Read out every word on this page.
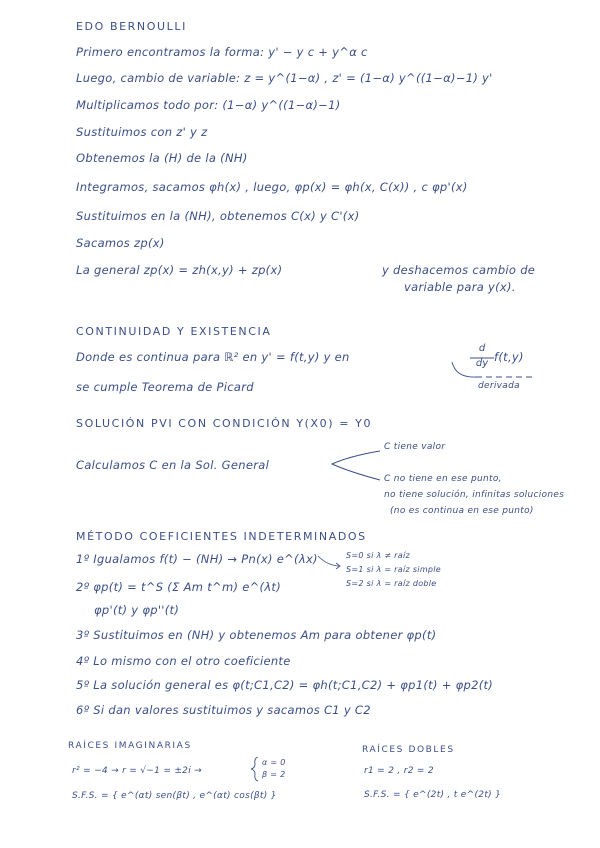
EDO BERNOULLI
Primero encontramos la forma: y' − y c + y^α c
Luego, cambio de variable: z = y^(1−α) , z' = (1−α) y^((1−α)−1) y'
Multiplicamos todo por: (1−α) y^((1−α)−1)
Sustituimos con z' y z
Obtenemos la (H) de la (NH)
Integramos, sacamos φh(x) , luego, φp(x) = φh(x, C(x)) , c φp'(x)
Sustituimos en la (NH), obtenemos C(x) y C'(x)
Sacamos zp(x)
La general zp(x) = zh(x,y) + zp(x)	y deshacemos cambio de
variable para y(x).
CONTINUIDAD Y EXISTENCIA
Donde es continua para ℝ² en y' = f(t,y) y en
d
dy f(t,y)
derivada
se cumple Teorema de Picard
SOLUCIÓN PVI CON CONDICIÓN Y(X0) = Y0
Calculamos C en la Sol. General
C tiene valor
C no tiene en ese punto,
no tiene solución, infinitas soluciones
(no es continua en ese punto)
MÉTODO COEFICIENTES INDETERMINADOS
1º Igualamos f(t) − (NH) → Pn(x) e^(λx)	S=0 si λ ≠ raíz
S=1 si λ = raíz simple
S=2 si λ = raíz doble
2º φp(t) = t^S (Σ Am t^m) e^(λt)
φp'(t) y φp''(t)
3º Sustituimos en (NH) y obtenemos Am para obtener φp(t)
4º Lo mismo con el otro coeficiente
5º La solución general es φ(t;C1,C2) = φh(t;C1,C2) + φp1(t) + φp2(t)
6º Si dan valores sustituimos y sacamos C1 y C2
RAÍCES IMAGINARIAS
r² = −4 → r = √−1 = ±2i →
α = 0
β = 2
S.F.S. = { e^(αt) sen(βt) , e^(αt) cos(βt) }
RAÍCES DOBLES
r1 = 2 , r2 = 2
S.F.S. = { e^(2t) , t e^(2t) }
